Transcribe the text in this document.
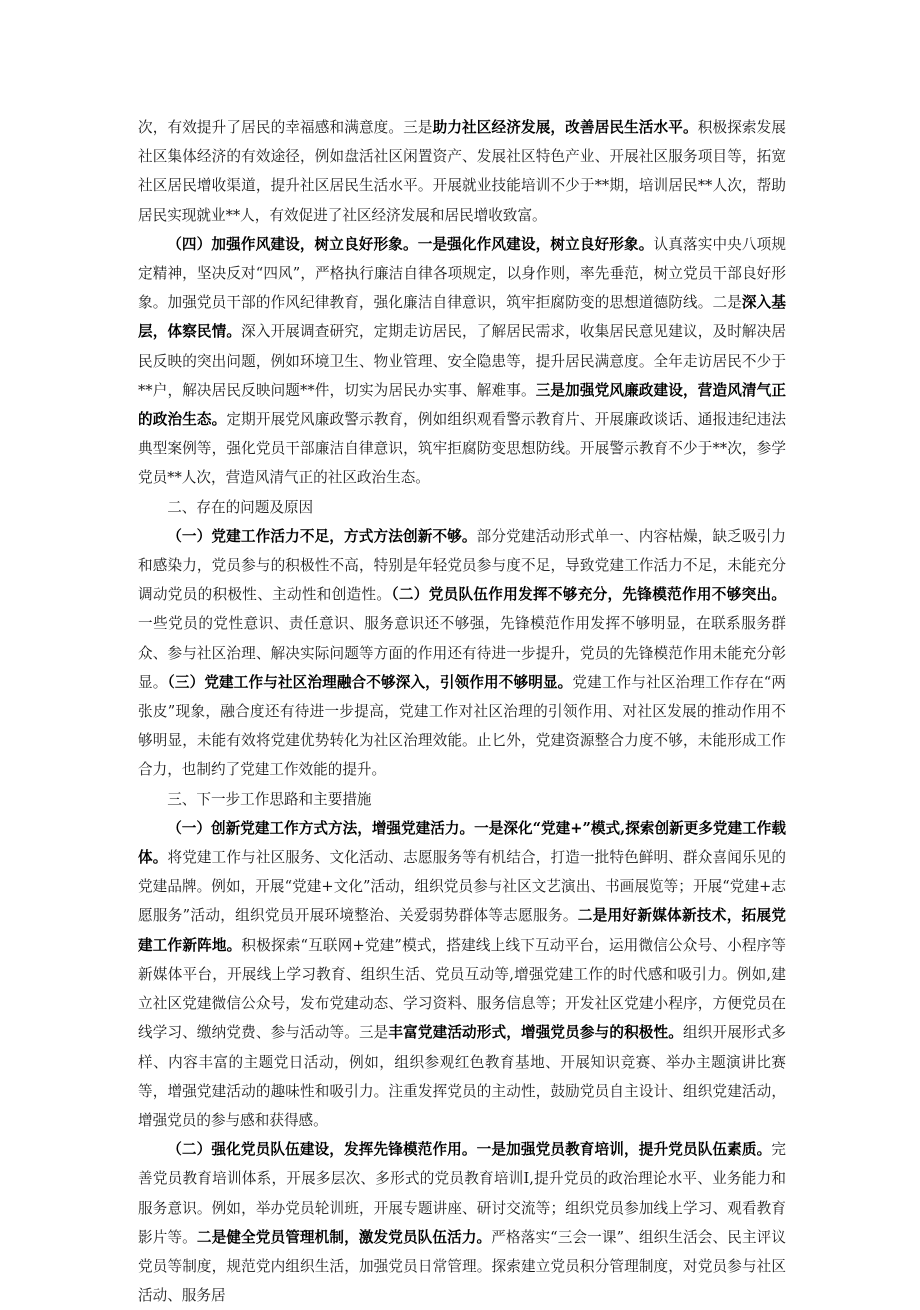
次，有效提升了居民的幸福感和满意度。三是助力社区经济发展，改善居民生活水平。积极探索发展社区集体经济的有效途径，例如盘活社区闲置资产、发展社区特色产业、开展社区服务项目等，拓宽社区居民增收渠道，提升社区居民生活水平。开展就业技能培训不少于**期，培训居民**人次，帮助居民实现就业**人，有效促进了社区经济发展和居民增收致富。

（四）加强作风建设，树立良好形象。一是强化作风建设，树立良好形象。认真落实中央八项规定精神，坚决反对“四风”，严格执行廉洁自律各项规定，以身作则，率先垂范，树立党员干部良好形象。加强党员干部的作风纪律教育，强化廉洁自律意识，筑牢拒腐防变的思想道德防线。二是深入基层，体察民情。深入开展调查研究，定期走访居民，了解居民需求，收集居民意见建议，及时解决居民反映的突出问题，例如环境卫生、物业管理、安全隐患等，提升居民满意度。全年走访居民不少于**户，解决居民反映问题**件，切实为居民办实事、解难事。三是加强党风廉政建设，营造风清气正的政治生态。定期开展党风廉政警示教育，例如组织观看警示教育片、开展廉政谈话、通报违纪违法典型案例等，强化党员干部廉洁自律意识，筑牢拒腐防变思想防线。开展警示教育不少于**次，参学党员**人次，营造风清气正的社区政治生态。

二、存在的问题及原因

（一）党建工作活力不足，方式方法创新不够。部分党建活动形式单一、内容枯燥，缺乏吸引力和感染力，党员参与的积极性不高，特别是年轻党员参与度不足，导致党建工作活力不足，未能充分调动党员的积极性、主动性和创造性。（二）党员队伍作用发挥不够充分，先锋模范作用不够突出。一些党员的党性意识、责任意识、服务意识还不够强，先锋模范作用发挥不够明显，在联系服务群众、参与社区治理、解决实际问题等方面的作用还有待进一步提升，党员的先锋模范作用未能充分彰显。（三）党建工作与社区治理融合不够深入，引领作用不够明显。党建工作与社区治理工作存在“两张皮”现象，融合度还有待进一步提高，党建工作对社区治理的引领作用、对社区发展的推动作用不够明显，未能有效将党建优势转化为社区治理效能。止匕外，党建资源整合力度不够，未能形成工作合力，也制约了党建工作效能的提升。

三、下一步工作思路和主要措施

（一）创新党建工作方式方法，增强党建活力。一是深化“党建+”模式,探索创新更多党建工作载体。将党建工作与社区服务、文化活动、志愿服务等有机结合，打造一批特色鲜明、群众喜闻乐见的党建品牌。例如，开展“党建+文化”活动，组织党员参与社区文艺演出、书画展览等；开展“党建+志愿服务”活动，组织党员开展环境整治、关爱弱势群体等志愿服务。二是用好新媒体新技术，拓展党建工作新阵地。积极探索“互联网+党建”模式，搭建线上线下互动平台，运用微信公众号、小程序等新媒体平台，开展线上学习教育、组织生活、党员互动等,增强党建工作的时代感和吸引力。例如,建立社区党建微信公众号，发布党建动态、学习资料、服务信息等；开发社区党建小程序，方便党员在线学习、缴纳党费、参与活动等。三是丰富党建活动形式，增强党员参与的积极性。组织开展形式多样、内容丰富的主题党日活动，例如，组织参观红色教育基地、开展知识竞赛、举办主题演讲比赛等，增强党建活动的趣味性和吸引力。注重发挥党员的主动性，鼓励党员自主设计、组织党建活动，增强党员的参与感和获得感。

（二）强化党员队伍建设，发挥先锋模范作用。一是加强党员教育培训，提升党员队伍素质。完善党员教育培训体系，开展多层次、多形式的党员教育培训I,提升党员的政治理论水平、业务能力和服务意识。例如，举办党员轮训班，开展专题讲座、研讨交流等；组织党员参加线上学习、观看教育影片等。二是健全党员管理机制，激发党员队伍活力。严格落实“三会一课”、组织生活会、民主评议党员等制度，规范党内组织生活，加强党员日常管理。探索建立党员积分管理制度，对党员参与社区活动、服务居
